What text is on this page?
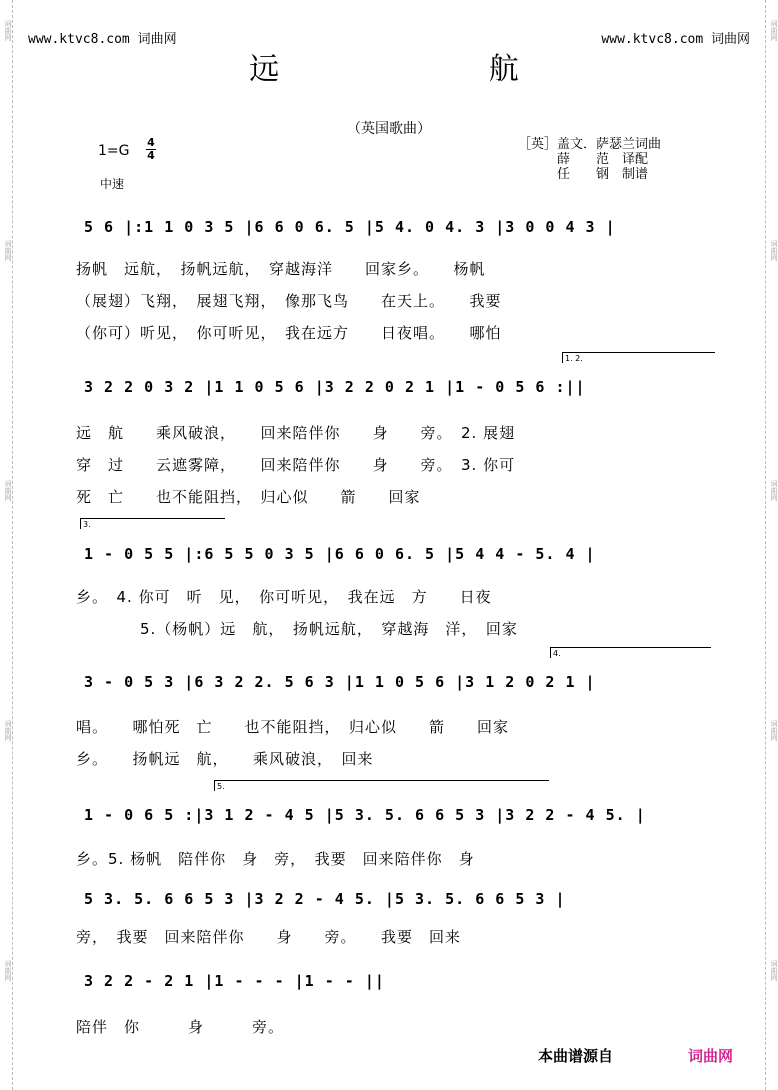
词曲网
词曲网
词曲网
词曲网
词曲网
词曲网
词曲网
词曲网
词曲网
词曲网
www.ktvc8.com 词曲网	www.ktvc8.com 词曲网
远 航
（英国歌曲）
1=G
4
4
中速
［英］盖文．萨瑟兰词曲
　　　薛　　范　译配
　　　任　　钢　制谱
5 6 |:1 1 0 3 5 |6 6 0 6. 5 |5 4. 0 4. 3 |3 0 0 4 3 |
扬帆　远航，　扬帆远航，　穿越海洋　　回家乡。　　杨帆
（展翅）飞翔，　展翅飞翔，　像那飞鸟　　在天上。　　我要
（你可）听见，　你可听见，　我在远方　　日夜唱。　　哪怕
1. 2.
3 2 2 0 3 2 |1 1 0 5 6 |3 2 2 0 2 1 |1 - 0 5 6 :||
远　航　　乘风破浪，　　回来陪伴你　　身　　旁。　2. 展翅
穿　过　　云遮雾障，　　回来陪伴你　　身　　旁。　3. 你可
死　亡　　也不能阻挡，　归心似　　箭　　回家
3.
1 - 0 5 5 |:6 5 5 0 3 5 |6 6 0 6. 5 |5 4 4 - 5. 4 |
乡。　4. 你可　听　见，　你可听见，　我在远　方　　日夜
　　　　5.（杨帆）远　航，　扬帆远航，　穿越海　洋，　回家
4.
3 - 0 5 3 |6 3 2 2. 5 6 3 |1 1 0 5 6 |3 1 2 0 2 1 |
唱。　　哪怕死　亡　　也不能阻挡，　归心似　　箭　　回家
乡。　　扬帆远　航，　　乘风破浪，　回来
5.
1 - 0 6 5 :|3 1 2 - 4 5 |5 3. 5. 6 6 5 3 |3 2 2 - 4 5. |
乡。5. 杨帆　陪伴你　身　旁，　我要　回来陪伴你　身
5 3. 5. 6 6 5 3 |3 2 2 - 4 5. |5 3. 5. 6 6 5 3 |
旁，　我要　回来陪伴你　　身　　旁。　　我要　回来
3 2 2 - 2 1 |1 - - - |1 - - ||
陪伴　你　　　身　　　旁。
本曲谱源自	词曲网
